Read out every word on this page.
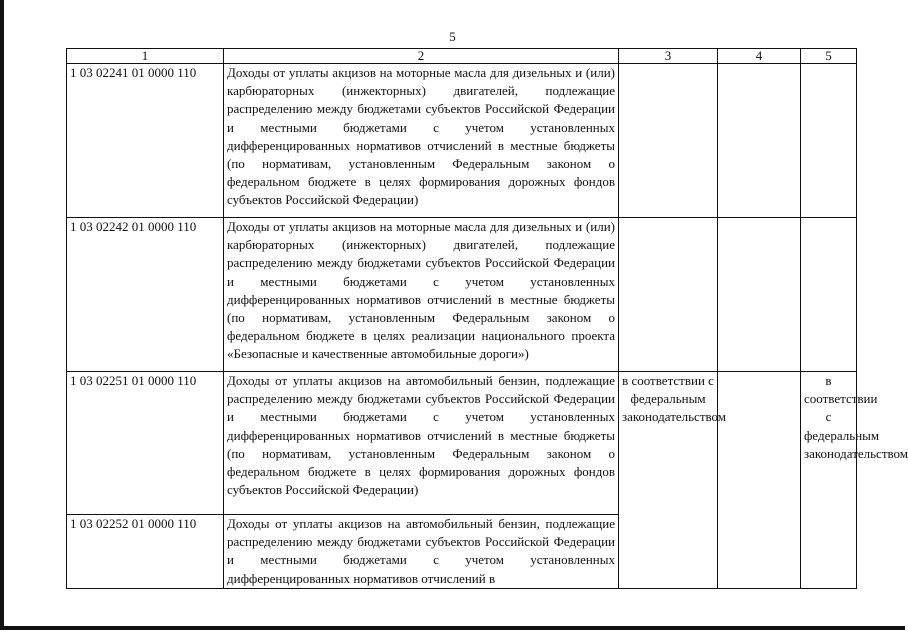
5
1	2	3	4	5
1 03 02241 01 0000 110	Доходы от уплаты акцизов на моторные масла для дизельных и (или) карбюраторных (инжекторных) двигателей, подлежащие распределению между бюджетами субъектов Российской Федерации и местными бюджетами с учетом установленных дифференцированных нормативов отчислений в местные бюджеты (по нормативам, установленным Федеральным законом о федеральном бюджете в целях формирования дорожных фондов субъектов Российской Федерации)			
1 03 02242 01 0000 110	Доходы от уплаты акцизов на моторные масла для дизельных и (или) карбюраторных (инжекторных) двигателей, подлежащие распределению между бюджетами субъектов Российской Федерации и местными бюджетами с учетом установленных дифференцированных нормативов отчислений в местные бюджеты (по нормативам, установленным Федеральным законом о федеральном бюджете в целях реализации национального проекта «Безопасные и качественные автомобильные дороги»)			
1 03 02251 01 0000 110	Доходы от уплаты акцизов на автомобильный бензин, подлежащие распределению между бюджетами субъектов Российской Федерации и местными бюджетами с учетом установленных дифференцированных нормативов отчислений в местные бюджеты (по нормативам, установленным Федеральным законом о федеральном бюджете в целях формирования дорожных фондов субъектов Российской Федерации)	в соответствии с федеральным законодательством		в соответствии с федеральным законодательством
1 03 02252 01 0000 110	Доходы от уплаты акцизов на автомобильный бензин, подлежащие распределению между бюджетами субъектов Российской Федерации и местными бюджетами с учетом установленных дифференцированных нормативов отчислений в			
